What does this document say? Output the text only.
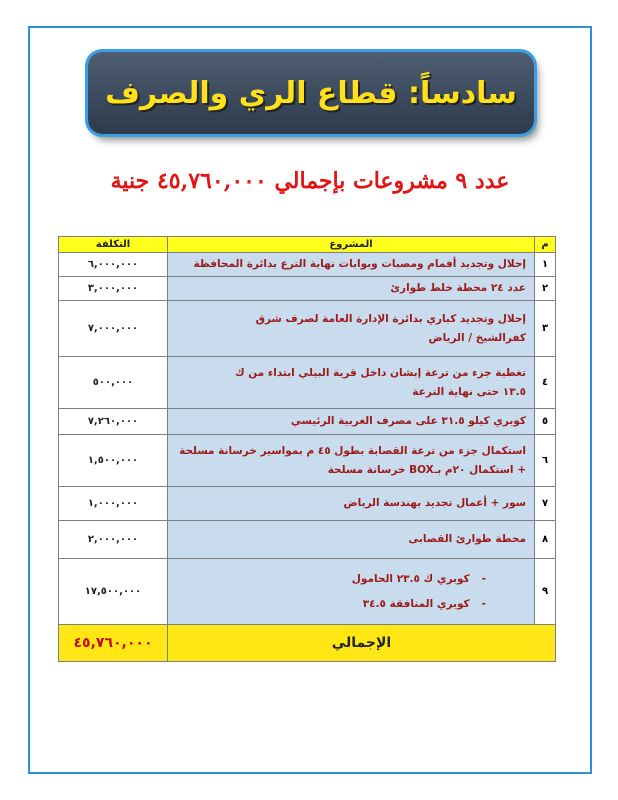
سادساً: قطاع الري والصرف
عدد ٩ مشروعات بإجمالي ٤٥,٧٦٠,٠٠٠ جنية
م	المشروع	التكلفة
١	إحلال وتجديد أفمام ومصبات وبوابات نهاية الترع بدائرة المحافظة	٦,٠٠٠,٠٠٠
٢	عدد ٢٤ محطة خلط طوارئ	٣,٠٠٠,٠٠٠
٣	إحلال وتجديد كباري بدائرة الإدارة العامة لصرف شرق
كفرالشيخ / الرياض	٧,٠٠٠,٠٠٠
٤	تغطية جزء من ترعة إبشان داخل قرية البيلي ابتداء من ك
١٣.٥ حتى نهاية الترعة	٥٠٠,٠٠٠
٥	كوبري كيلو ٣١.٥ على مصرف الغربية الرئيسي	٧,٢٦٠,٠٠٠
٦	استكمال جزء من ترعة القصابة بطول ٤٥ م بمواسير خرسانة مسلحة
+ استكمال ٢٠م بـBOX خرسانة مسلحة	١,٥٠٠,٠٠٠
٧	سور + أعمال تجديد بهندسة الرياض	١,٠٠٠,٠٠٠
٨	محطة طوارئ القصابى	٢,٠٠٠,٠٠٠
٩	-كوبري ك ٢٣.٥ الحامول
-كوبري المنافقة ٣٤.٥	١٧,٥٠٠,٠٠٠
الإجمالي		٤٥,٧٦٠,٠٠٠
